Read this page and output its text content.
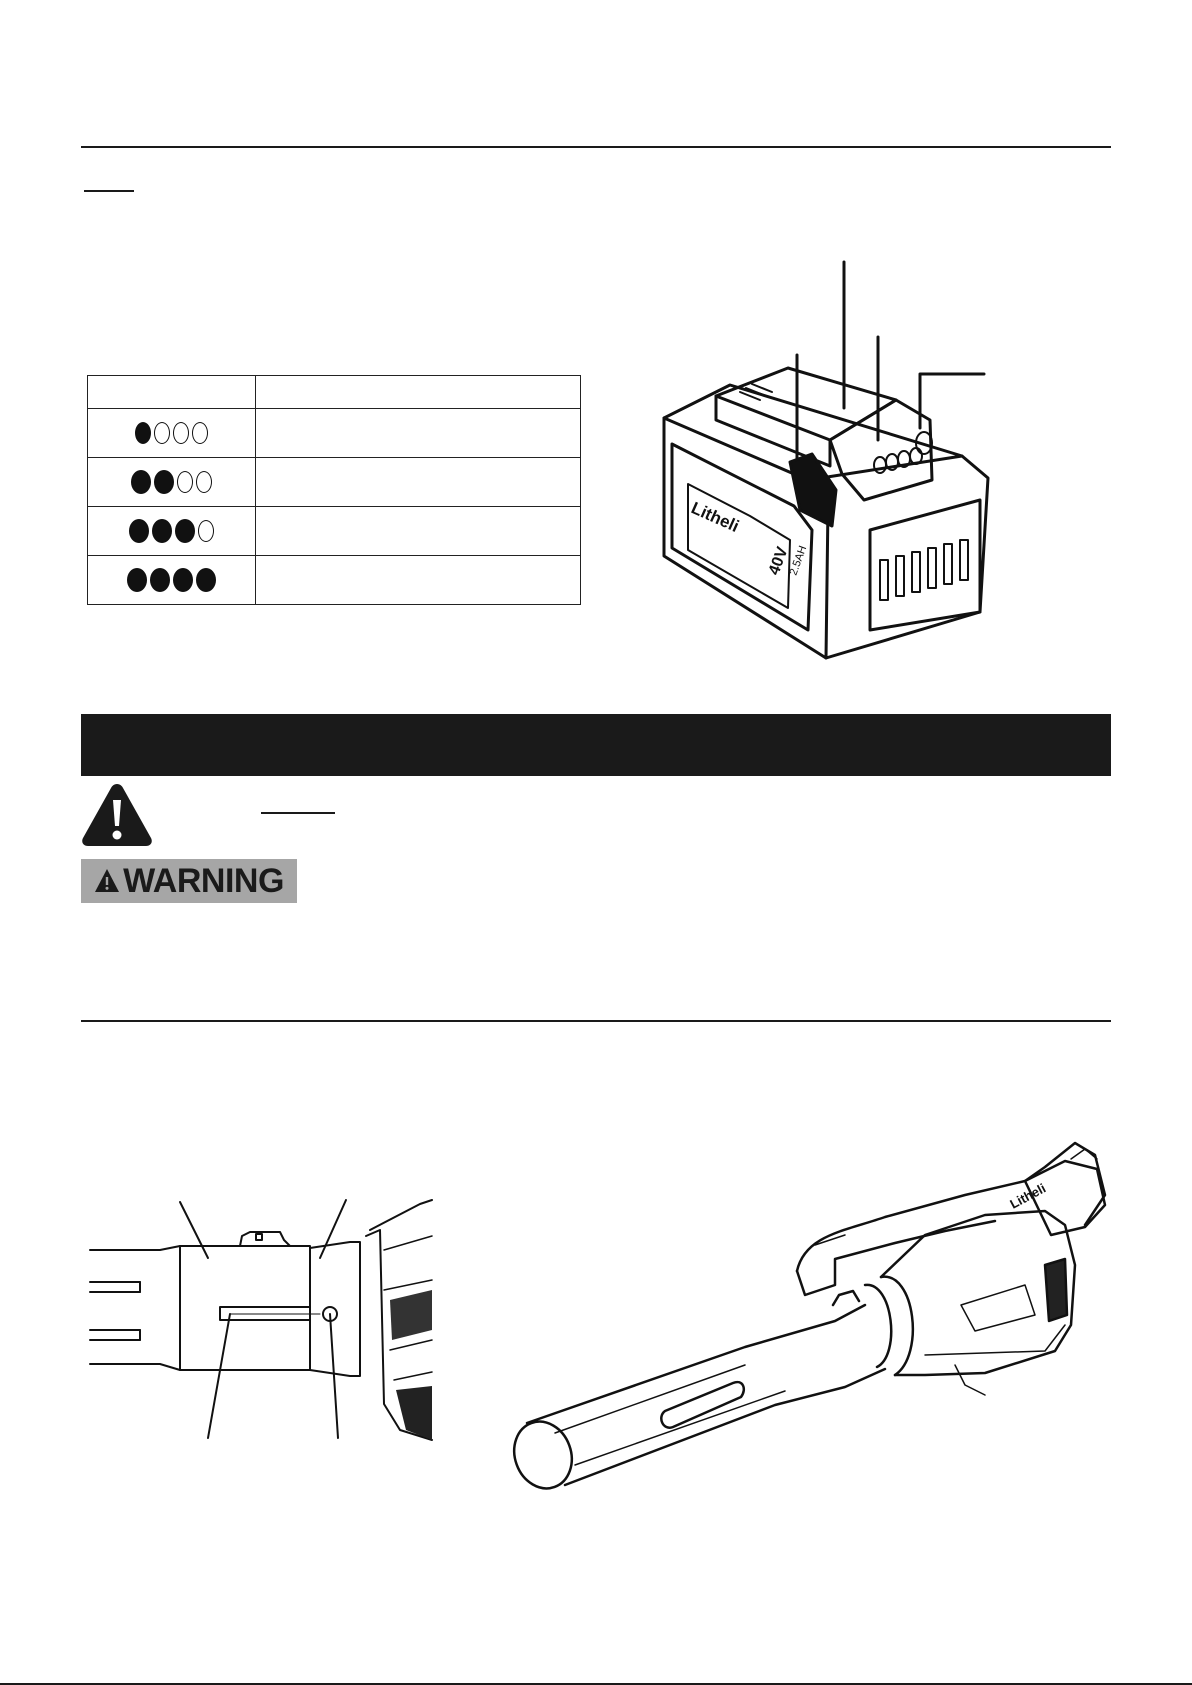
Litheli
40V
2.5AH
WARNING
Litheli
